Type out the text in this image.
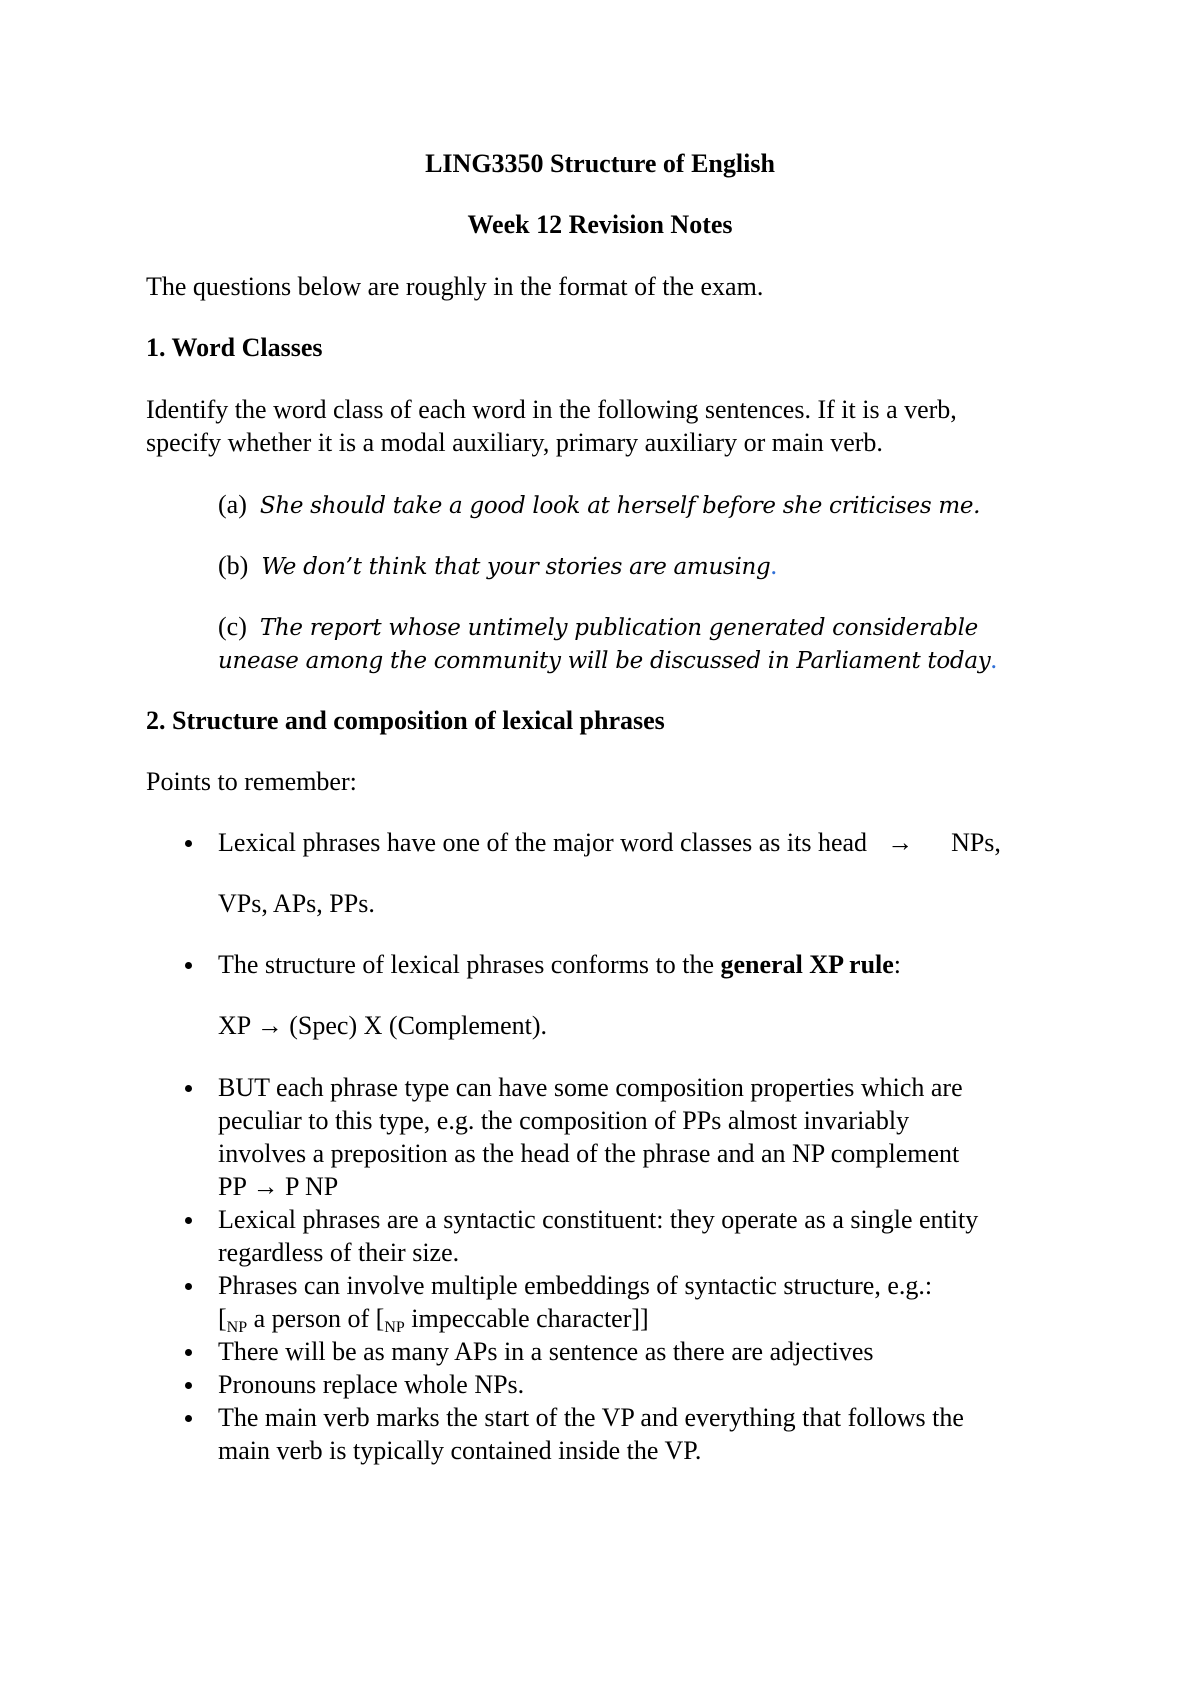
LING3350 Structure of English
Week 12 Revision Notes
The questions below are roughly in the format of the exam.
1. Word Classes
Identify the word class of each word in the following sentences. If it is a verb,
specify whether it is a modal auxiliary, primary auxiliary or main verb.
(a) She should take a good look at herself before she criticises me.
(b) We don’t think that your stories are amusing.
(c) The report whose untimely publication generated considerable
unease among the community will be discussed in Parliament today.
2. Structure and composition of lexical phrases
Points to remember:
Lexical phrases have one of the major word classes as its head → NPs,
VPs, APs, PPs.
The structure of lexical phrases conforms to the general XP rule:
XP → (Spec) X (Complement).
BUT each phrase type can have some composition properties which are
peculiar to this type, e.g. the composition of PPs almost invariably
involves a preposition as the head of the phrase and an NP complement
PP → P NP
Lexical phrases are a syntactic constituent: they operate as a single entity
regardless of their size.
Phrases can involve multiple embeddings of syntactic structure, e.g.:
[$_{NP}$ a person of [$_{NP}$ impeccable character]]
There will be as many APs in a sentence as there are adjectives
Pronouns replace whole NPs.
The main verb marks the start of the VP and everything that follows the
main verb is typically contained inside the VP.
